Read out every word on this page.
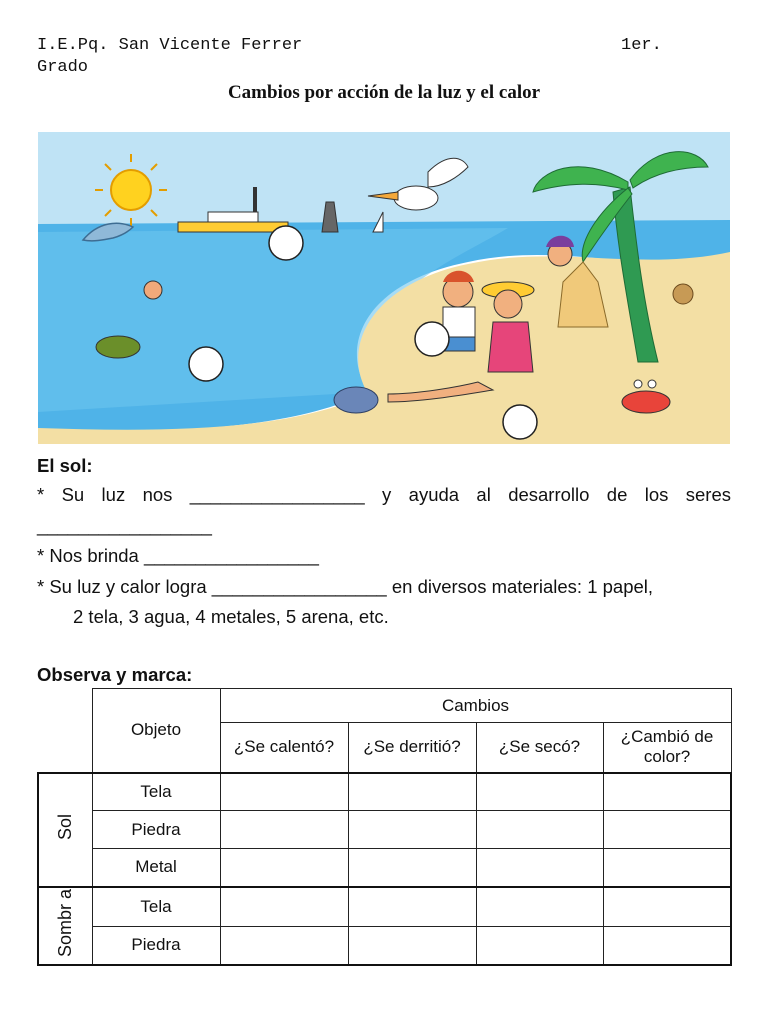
I.E.Pq. San Vicente Ferrer	1er.
Grado
Cambios por acción de la luz y el calor
El sol:
* Su luz nos _________________ y ayuda al desarrollo de los seres
_________________
* Nos brinda _________________
* Su luz y calor logra _________________ en diversos materiales: 1 papel,
2 tela, 3 agua, 4 metales, 5 arena, etc.
Observa y marca:
	Objeto	Cambios			
		¿Se calentó?	¿Se derritió?	¿Se secó?	¿Cambió de color?
Sol	Tela				
	Piedra				
	Metal				
Sombr a	Tela				
	Piedra				
